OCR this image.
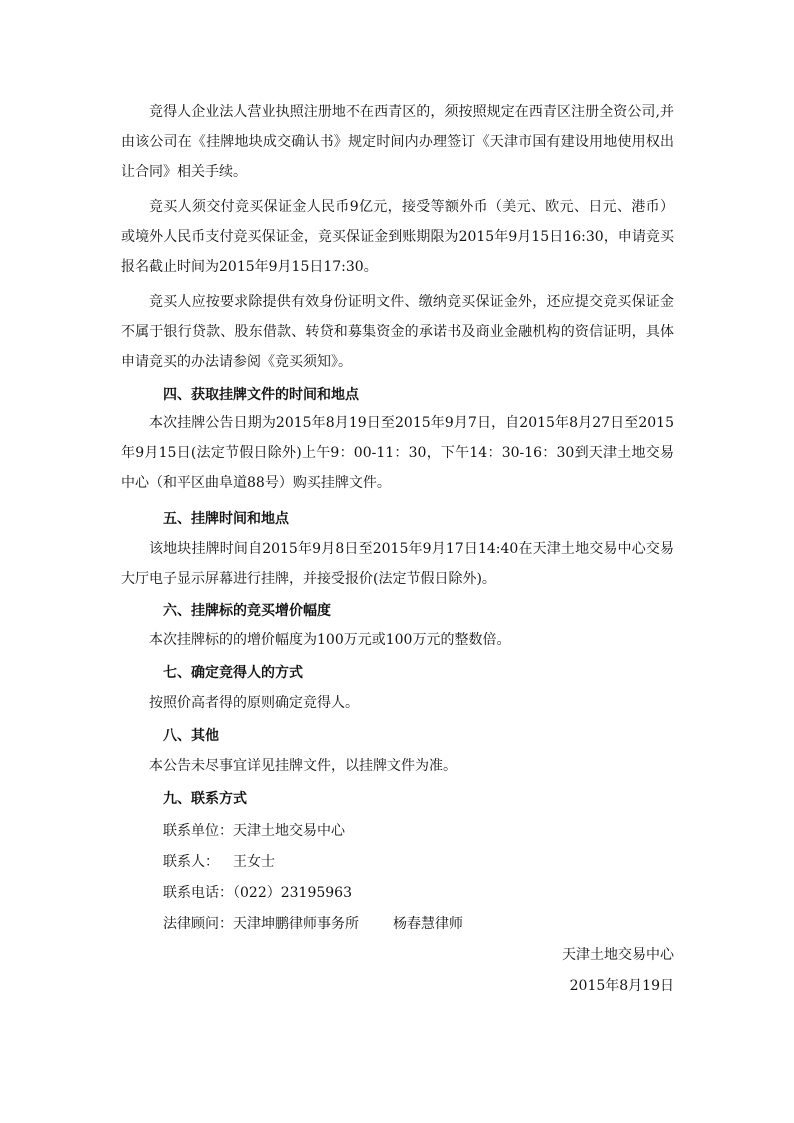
竞得人企业法人营业执照注册地不在西青区的，须按照规定在西青区注册全资公司,并由该公司在《挂牌地块成交确认书》规定时间内办理签订《天津市国有建设用地使用权出让合同》相关手续。

竞买人须交付竞买保证金人民币9亿元，接受等额外币（美元、欧元、日元、港币）或境外人民币支付竞买保证金，竞买保证金到账期限为2015年9月15日16:30，申请竞买报名截止时间为2015年9月15日17:30。

竞买人应按要求除提供有效身份证明文件、缴纳竞买保证金外，还应提交竞买保证金不属于银行贷款、股东借款、转贷和募集资金的承诺书及商业金融机构的资信证明，具体申请竞买的办法请参阅《竞买须知》。

四、获取挂牌文件的时间和地点

本次挂牌公告日期为2015年8月19日至2015年9月7日，自2015年8月27日至2015年9月15日(法定节假日除外)上午9：00-11：30，下午14：30-16：30到天津土地交易中心（和平区曲阜道88号）购买挂牌文件。

五、挂牌时间和地点

该地块挂牌时间自2015年9月8日至2015年9月17日14:40在天津土地交易中心交易大厅电子显示屏幕进行挂牌，并接受报价(法定节假日除外)。

六、挂牌标的竞买增价幅度

本次挂牌标的的增价幅度为100万元或100万元的整数倍。

七、确定竞得人的方式

按照价高者得的原则确定竞得人。

八、其他

本公告未尽事宜详见挂牌文件，以挂牌文件为准。

九、联系方式

联系单位：天津土地交易中心

联系人： 王女士

联系电话：（022）23195963

法律顾问：天津坤鹏律师事务所 杨春慧律师

天津土地交易中心

2015年8月19日
